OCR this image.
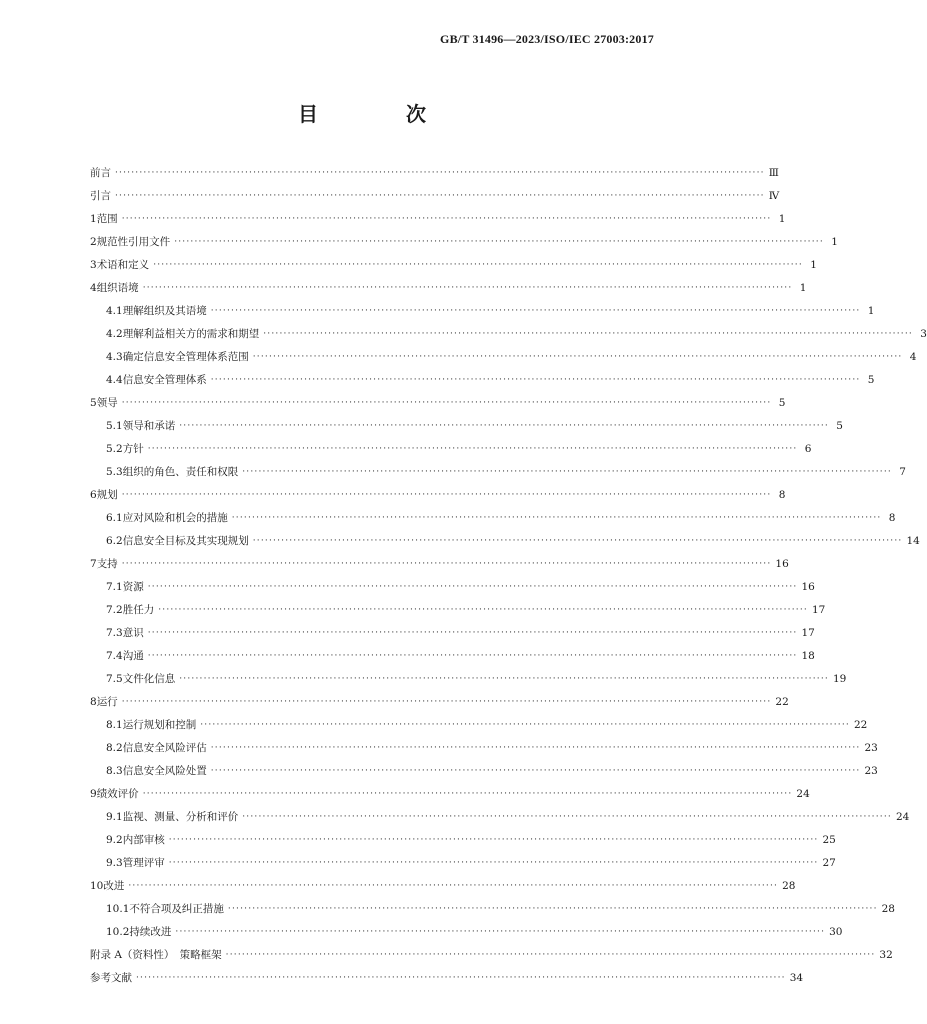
GB/T 31496—2023/ISO/IEC 27003:2017
目　次
前言 ································································································································································ Ⅲ
引言 ································································································································································ Ⅳ
1 范围 ································································································································································ 1
2 规范性引用文件 ································································································································································ 1
3 术语和定义 ································································································································································ 1
4 组织语境 ································································································································································ 1
4.1 理解组织及其语境 ································································································································································ 1
4.2 理解利益相关方的需求和期望 ································································································································································ 3
4.3 确定信息安全管理体系范围 ································································································································································ 4
4.4 信息安全管理体系 ································································································································································ 5
5 领导 ································································································································································ 5
5.1 领导和承诺 ································································································································································ 5
5.2 方针 ································································································································································ 6
5.3 组织的角色、责任和权限 ································································································································································ 7
6 规划 ································································································································································ 8
6.1 应对风险和机会的措施 ································································································································································ 8
6.2 信息安全目标及其实现规划 ································································································································································ 14
7 支持 ································································································································································ 16
7.1 资源 ································································································································································ 16
7.2 胜任力 ································································································································································ 17
7.3 意识 ································································································································································ 17
7.4 沟通 ································································································································································ 18
7.5 文件化信息 ································································································································································ 19
8 运行 ································································································································································ 22
8.1 运行规划和控制 ································································································································································ 22
8.2 信息安全风险评估 ································································································································································ 23
8.3 信息安全风险处置 ································································································································································ 23
9 绩效评价 ································································································································································ 24
9.1 监视、测量、分析和评价 ································································································································································ 24
9.2 内部审核 ································································································································································ 25
9.3 管理评审 ································································································································································ 27
10 改进 ································································································································································ 28
10.1 不符合项及纠正措施 ································································································································································ 28
10.2 持续改进 ································································································································································ 30
附录 A（资料性）　策略框架 ································································································································································ 32
参考文献 ································································································································································ 34
